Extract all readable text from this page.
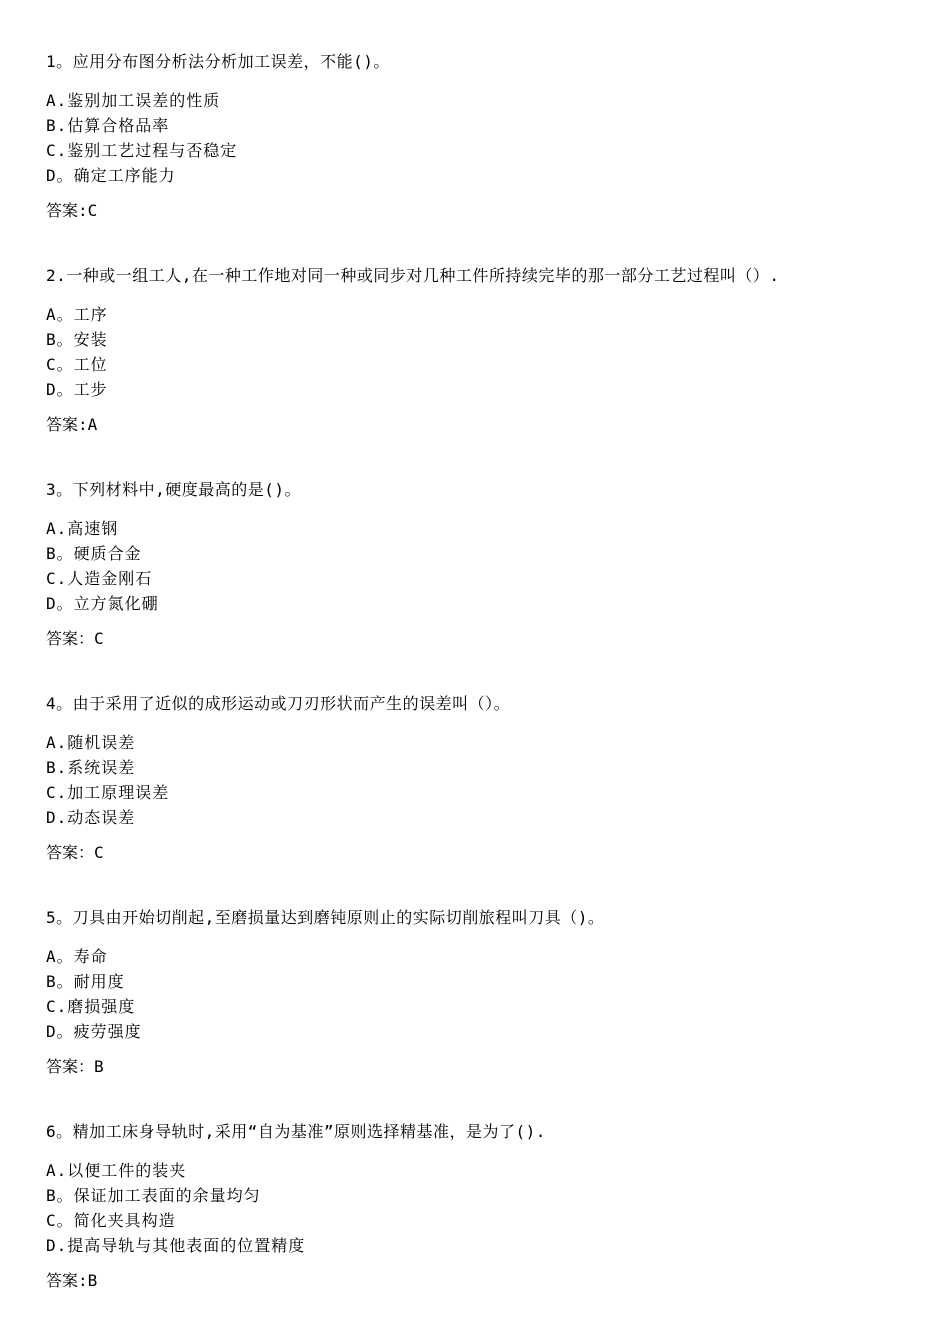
1。应用分布图分析法分析加工误差，不能()。
A.鉴别加工误差的性质
B.估算合格品率
C.鉴别工艺过程与否稳定
D。确定工序能力
答案:C
2.一种或一组工人,在一种工作地对同一种或同步对几种工件所持续完毕的那一部分工艺过程叫（）.
A。工序
B。安装
C。工位
D。工步
答案:A
3。下列材料中,硬度最高的是()。
A.高速钢
B。硬质合金
C.人造金刚石
D。立方氮化硼
答案：C
4。由于采用了近似的成形运动或刀刃形状而产生的误差叫（）。
A.随机误差
B.系统误差
C.加工原理误差
D.动态误差
答案：C
5。刀具由开始切削起,至磨损量达到磨钝原则止的实际切削旅程叫刀具（)。
A。寿命
B。耐用度
C.磨损强度
D。疲劳强度
答案：B
6。精加工床身导轨时,采用“自为基准”原则选择精基准，是为了().
A.以便工件的装夹
B。保证加工表面的余量均匀
C。简化夹具构造
D.提高导轨与其他表面的位置精度
答案:B
